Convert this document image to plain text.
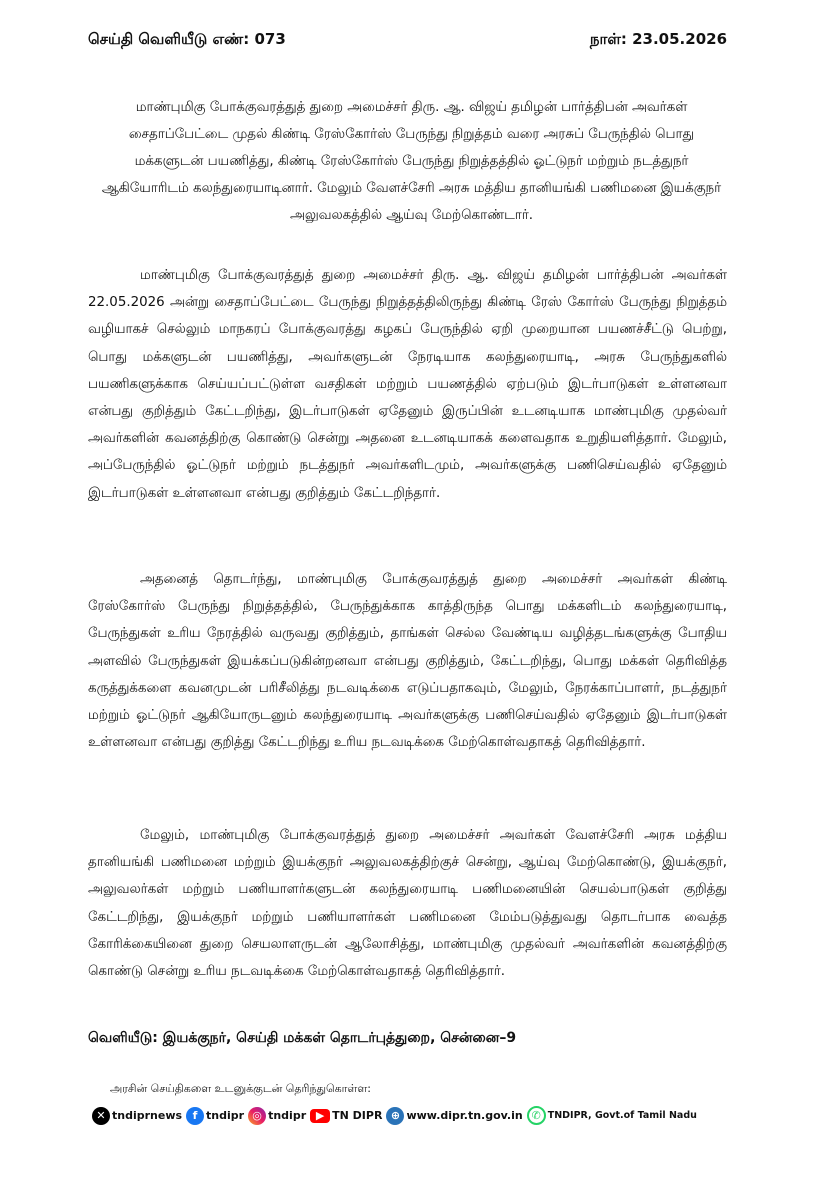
செய்தி வெளியீடு எண்: 073	நாள்: 23.05.2026
மாண்புமிகு போக்குவரத்துத் துறை அமைச்சர் திரு. ஆ. விஜய் தமிழன் பார்த்திபன் அவர்கள் சைதாப்பேட்டை முதல் கிண்டி ரேஸ்கோர்ஸ் பேருந்து நிறுத்தம் வரை அரசுப் பேருந்தில் பொது மக்களுடன் பயணித்து, கிண்டி ரேஸ்கோர்ஸ் பேருந்து நிறுத்தத்தில் ஓட்டுநர் மற்றும் நடத்துநர் ஆகியோரிடம் கலந்துரையாடினார். மேலும் வேளச்சேரி அரசு மத்திய தானியங்கி பணிமனை இயக்குநர் அலுவலகத்தில் ஆய்வு மேற்கொண்டார்.
மாண்புமிகு போக்குவரத்துத் துறை அமைச்சர் திரு. ஆ. விஜய் தமிழன் பார்த்திபன் அவர்கள் 22.05.2026 அன்று சைதாப்பேட்டை பேருந்து நிறுத்தத்திலிருந்து கிண்டி ரேஸ் கோர்ஸ் பேருந்து நிறுத்தம் வழியாகச் செல்லும் மாநகரப் போக்குவரத்து கழகப் பேருந்தில் ஏறி முறையான பயணச்சீட்டு பெற்று, பொது மக்களுடன் பயணித்து, அவர்களுடன் நேரடியாக கலந்துரையாடி, அரசு பேருந்துகளில் பயணிகளுக்காக செய்யப்பட்டுள்ள வசதிகள் மற்றும் பயணத்தில் ஏற்படும் இடர்பாடுகள் உள்ளனவா என்பது குறித்தும் கேட்டறிந்து, இடர்பாடுகள் ஏதேனும் இருப்பின் உடனடியாக மாண்புமிகு முதல்வர் அவர்களின் கவனத்திற்கு கொண்டு சென்று அதனை உடனடியாகக் களைவதாக உறுதியளித்தார். மேலும், அப்பேருந்தில் ஓட்டுநர் மற்றும் நடத்துநர் அவர்களிடமும், அவர்களுக்கு பணிசெய்வதில் ஏதேனும் இடர்பாடுகள் உள்ளனவா என்பது குறித்தும் கேட்டறிந்தார்.
அதனைத் தொடர்ந்து, மாண்புமிகு போக்குவரத்துத் துறை அமைச்சர் அவர்கள் கிண்டி ரேஸ்கோர்ஸ் பேருந்து நிறுத்தத்தில், பேருந்துக்காக காத்திருந்த பொது மக்களிடம் கலந்துரையாடி, பேருந்துகள் உரிய நேரத்தில் வருவது குறித்தும், தாங்கள் செல்ல வேண்டிய வழித்தடங்களுக்கு போதிய அளவில் பேருந்துகள் இயக்கப்படுகின்றனவா என்பது குறித்தும், கேட்டறிந்து, பொது மக்கள் தெரிவித்த கருத்துக்களை கவனமுடன் பரிசீலித்து நடவடிக்கை எடுப்பதாகவும், மேலும், நேரக்காப்பாளர், நடத்துநர் மற்றும் ஓட்டுநர் ஆகியோருடனும் கலந்துரையாடி அவர்களுக்கு பணிசெய்வதில் ஏதேனும் இடர்பாடுகள் உள்ளனவா என்பது குறித்து கேட்டறிந்து உரிய நடவடிக்கை மேற்கொள்வதாகத் தெரிவித்தார்.
மேலும், மாண்புமிகு போக்குவரத்துத் துறை அமைச்சர் அவர்கள் வேளச்சேரி அரசு மத்திய தானியங்கி பணிமனை மற்றும் இயக்குநர் அலுவலகத்திற்குச் சென்று, ஆய்வு மேற்கொண்டு, இயக்குநர், அலுவலர்கள் மற்றும் பணியாளர்களுடன் கலந்துரையாடி பணிமனையின் செயல்பாடுகள் குறித்து கேட்டறிந்து, இயக்குநர் மற்றும் பணியாளர்கள் பணிமனை மேம்படுத்துவது தொடர்பாக வைத்த கோரிக்கையினை துறை செயலாளருடன் ஆலோசித்து, மாண்புமிகு முதல்வர் அவர்களின் கவனத்திற்கு கொண்டு சென்று உரிய நடவடிக்கை மேற்கொள்வதாகத் தெரிவித்தார்.
வெளியீடு: இயக்குநர், செய்தி மக்கள் தொடர்புத்துறை, சென்னை–9
அரசின் செய்திகளை உடனுக்குடன் தெரிந்துகொள்ள:
✕ tndiprnews f tndipr ◎ tndipr ▶ TN DIPR ⊕ www.dipr.tn.gov.in ✆ TNDIPR, Govt.of Tamil Nadu
